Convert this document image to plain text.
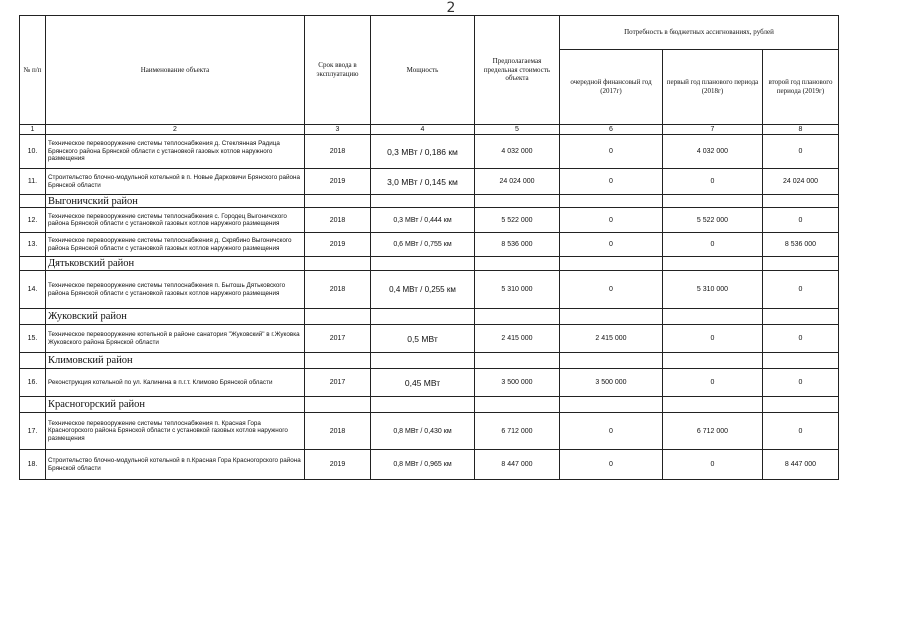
2
№ п/п	Наименование объекта	Срок ввода в эксплуатацию	Мощность	Предполагаемая предельная стоимость объекта	Потребность в бюджетных ассигнованиях, рублей		
					очередной финансовый год (2017г)	первый год планового периода (2018г)	второй год планового периода (2019г)
1	2	3	4	5	6	7	8
10.	Техническое перевооружение системы теплоснабжения д. Стеклянная Радица Брянского района Брянской области с установкой газовых котлов наружного размещения	2018	0,3 МВт / 0,186 км	4 032 000	0	4 032 000	0
11.	Строительство блочно-модульной котельной в п. Новые Дарковичи Брянского района Брянской области	2019	3,0 МВт / 0,145 км	24 024 000	0	0	24 024 000
	Выгоничский район						
12.	Техническое перевооружение системы теплоснабжения с. Городец Выгоничского района Брянской области с установкой газовых котлов наружного размещения	2018	0,3 МВт / 0,444 км	5 522 000	0	5 522 000	0
13.	Техническое перевооружение системы теплоснабжения д. Скрябино Выгоничского района Брянской области с установкой газовых котлов наружного размещения	2019	0,6 МВт / 0,755 км	8 536 000	0	0	8 536 000
	Дятьковский район						
14.	Техническое перевооружение системы теплоснабжения п. Бытошь Дятьковского района Брянской области с установкой газовых котлов наружного размещения	2018	0,4 МВт / 0,255 км	5 310 000	0	5 310 000	0
	Жуковский район						
15.	Техническое перевооружение котельной в районе санатория "Жуковский" в г.Жуковка Жуковского района Брянской области	2017	0,5 МВт	2 415 000	2 415 000	0	0
	Климовский район						
16.	Реконструкция котельной по ул. Калинина в п.г.т. Климово Брянской области	2017	0,45 МВт	3 500 000	3 500 000	0	0
	Красногорский район						
17.	Техническое перевооружение системы теплоснабжения п. Красная Гора Красногорского района Брянской области с установкой газовых котлов наружного размещения	2018	0,8 МВт / 0,430 км	6 712 000	0	6 712 000	0
18.	Строительство блочно-модульной котельной в п.Красная Гора Красногорского района Брянской области	2019	0,8 МВт / 0,965 км	8 447 000	0	0	8 447 000
